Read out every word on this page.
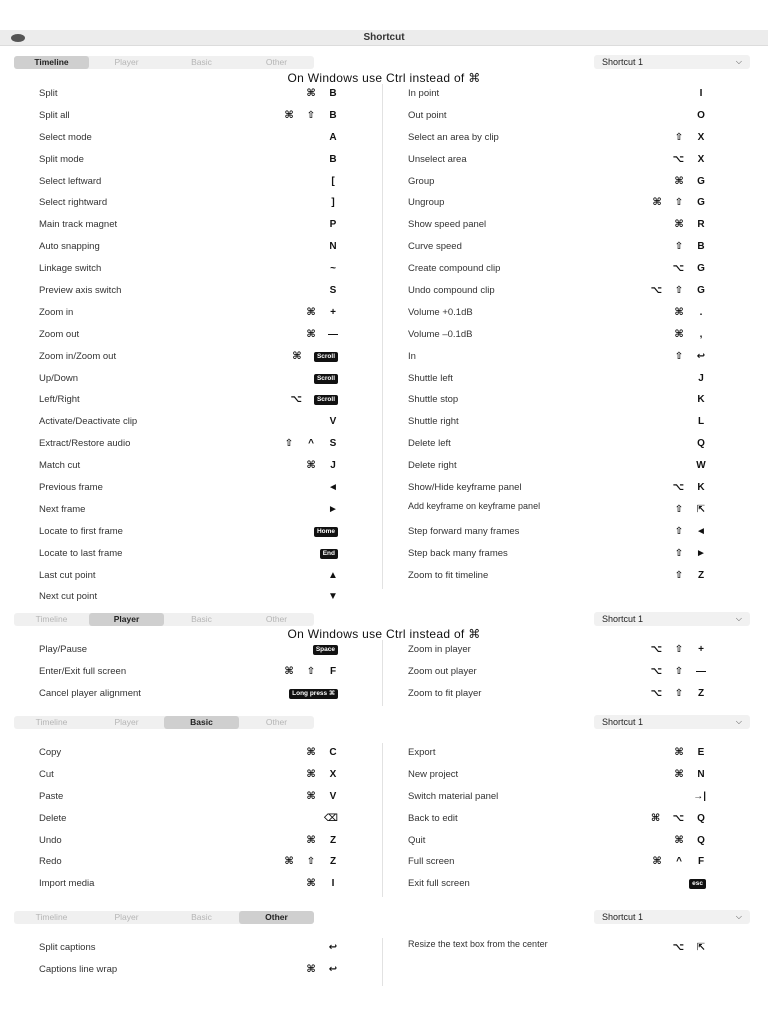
Shortcut
Timeline	Player	Basic	Other	Shortcut 1	⌵
On Windows use Ctrl instead of ⌘
Split	⌘ B
Split all	⌘ ⇧ B
Select mode	A
Split mode	B
Select leftward	[
Select rightward	]
Main track magnet	P
Auto snapping	N
Linkage switch	~
Preview axis switch	S
Zoom in	⌘ +
Zoom out	⌘ —
Zoom in/Zoom out	⌘	Scroll
Up/Down	Scroll
Left/Right	⌥	Scroll
Activate/Deactivate clip	V
Extract/Restore audio	⇧ ^ S
Match cut	⌘ J
Previous frame	◄
Next frame	►
Locate to first frame	Home
Locate to last frame	End
Last cut point	▲
Next cut point	▼
In point	I
Out point	O
Select an area by clip	⇧ X
Unselect area	⌥ X
Group	⌘ G
Ungroup	⌘ ⇧ G
Show speed panel	⌘ R
Curve speed	⇧ B
Create compound clip	⌥ G
Undo compound clip	⌥ ⇧ G
Volume +0.1dB	⌘	.
Volume –0.1dB	⌘	,
In	⇧ ↩
Shuttle left	J
Shuttle stop	K
Shuttle right	L
Delete left	Q
Delete right	W
Show/Hide keyframe panel	⌥ K
Add keyframe on keyframe panel	⇧ ⇱
Step forward many frames	⇧ ◄
Step back many frames	⇧ ►
Zoom to fit timeline	⇧ Z
Timeline	Player	Basic	Other	Shortcut 1	⌵
On Windows use Ctrl instead of ⌘
Play/Pause	Space
Enter/Exit full screen	⌘ ⇧ F
Cancel player alignment	Long press ⌘
Zoom in player	⌥ ⇧ +
Zoom out player	⌥ ⇧ —
Zoom to fit player	⌥ ⇧ Z
Timeline	Player	Basic	Other	Shortcut 1	⌵
Copy	⌘ C
Cut	⌘ X
Paste	⌘ V
Delete	⌫
Undo	⌘ Z
Redo	⌘ ⇧ Z
Import media	⌘	I
Export	⌘ E
New project	⌘ N
Switch material panel	→|
Back to edit	⌘ ⌥ Q
Quit	⌘ Q
Full screen	⌘ ^ F
Exit full screen	esc
Timeline	Player	Basic	Other	Shortcut 1	⌵
Split captions	↩
Captions line wrap	⌘ ↩
Resize the text box from the center	⌥ ⇱
